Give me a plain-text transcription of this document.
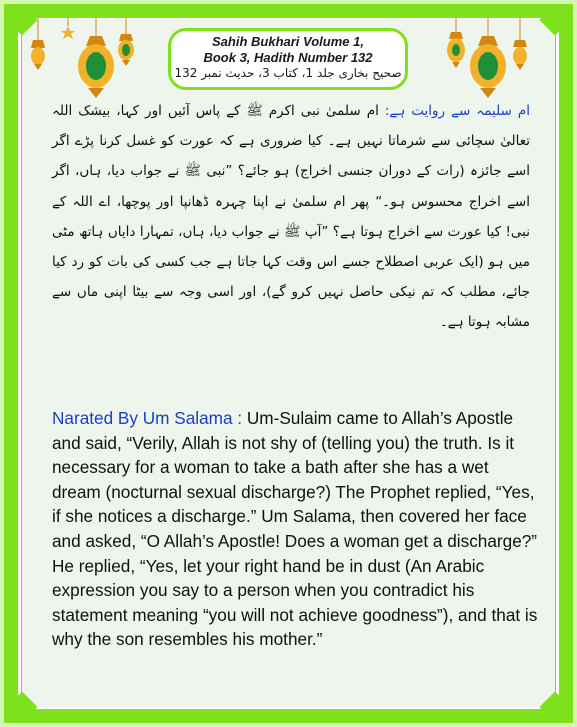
Sahih Bukhari Volume 1,
Book 3, Hadith Number 132
صحیح بخاری جلد 1، کتاب 3، حدیث نمبر 132
ام سلیمہ سے روایت ہے: ام سلمیٰ نبی اکرم ﷺ کے پاس آئیں اور کہا، بیشک اللہ تعالیٰ سچائی سے شرماتا نہیں ہے۔ کیا ضروری ہے کہ عورت کو غسل کرنا پڑے اگر اسے جائزہ (رات کے دوران جنسی اخراج) ہو جائے؟ ”نبی ﷺ نے جواب دیا، ہاں، اگر اسے اخراج محسوس ہو۔“ پھر ام سلمیٰ نے اپنا چہرہ ڈھانپا اور پوچھا، اے اللہ کے نبی! کیا عورت سے اخراج ہوتا ہے؟ ”آپ ﷺ نے جواب دیا، ہاں، تمہارا دایاں ہاتھ مٹی میں ہو (ایک عربی اصطلاح جسے اس وقت کہا جاتا ہے جب کسی کی بات کو رد کیا جائے، مطلب کہ تم نیکی حاصل نہیں کرو گے)، اور اسی وجہ سے بیٹا اپنی ماں سے مشابہ ہوتا ہے۔
Narated By Um Salama : Um-Sulaim came to Allah’s Apostle and said, “Verily, Allah is not shy of (telling you) the truth. Is it necessary for a woman to take a bath after she has a wet dream (nocturnal sexual discharge?) The Prophet replied, “Yes, if she notices a discharge.” Um Salama, then covered her face and asked, “O Allah’s Apostle! Does a woman get a discharge?” He replied, “Yes, let your right hand be in dust (An Arabic expression you say to a person when you contradict his statement meaning “you will not achieve goodness”), and that is why the son resembles his mother.”
